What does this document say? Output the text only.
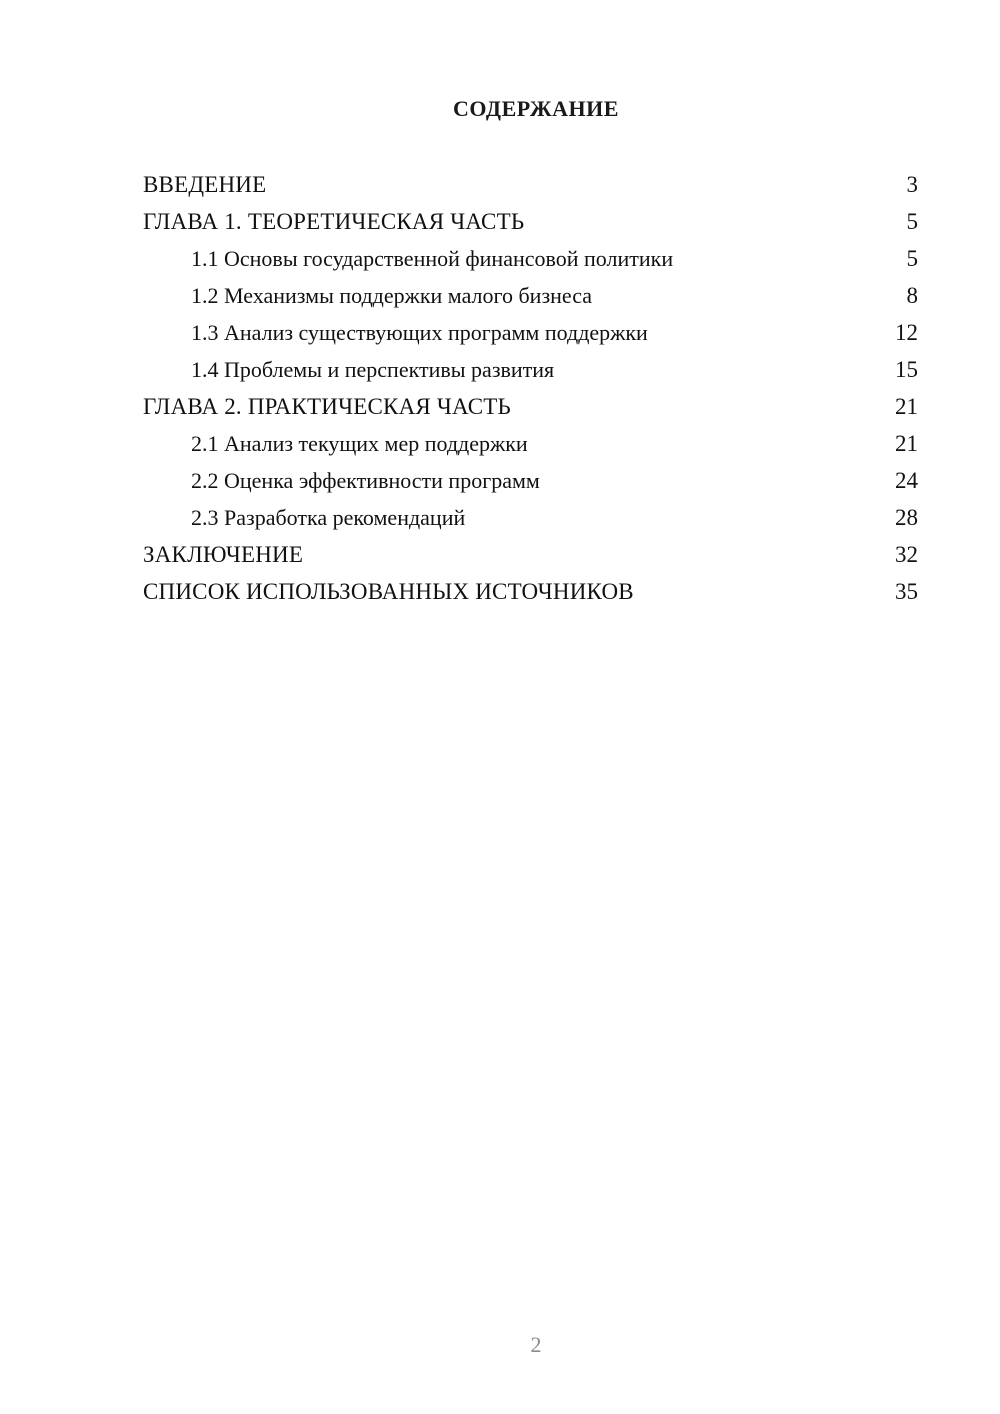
СОДЕРЖАНИЕ
ВВЕДЕНИЕ	3
ГЛАВА 1. ТЕОРЕТИЧЕСКАЯ ЧАСТЬ	5
1.1 Основы государственной финансовой политики	5
1.2 Механизмы поддержки малого бизнеса	8
1.3 Анализ существующих программ поддержки	12
1.4 Проблемы и перспективы развития	15
ГЛАВА 2. ПРАКТИЧЕСКАЯ ЧАСТЬ	21
2.1 Анализ текущих мер поддержки	21
2.2 Оценка эффективности программ	24
2.3 Разработка рекомендаций	28
ЗАКЛЮЧЕНИЕ	32
СПИСОК ИСПОЛЬЗОВАННЫХ ИСТОЧНИКОВ	35
2
